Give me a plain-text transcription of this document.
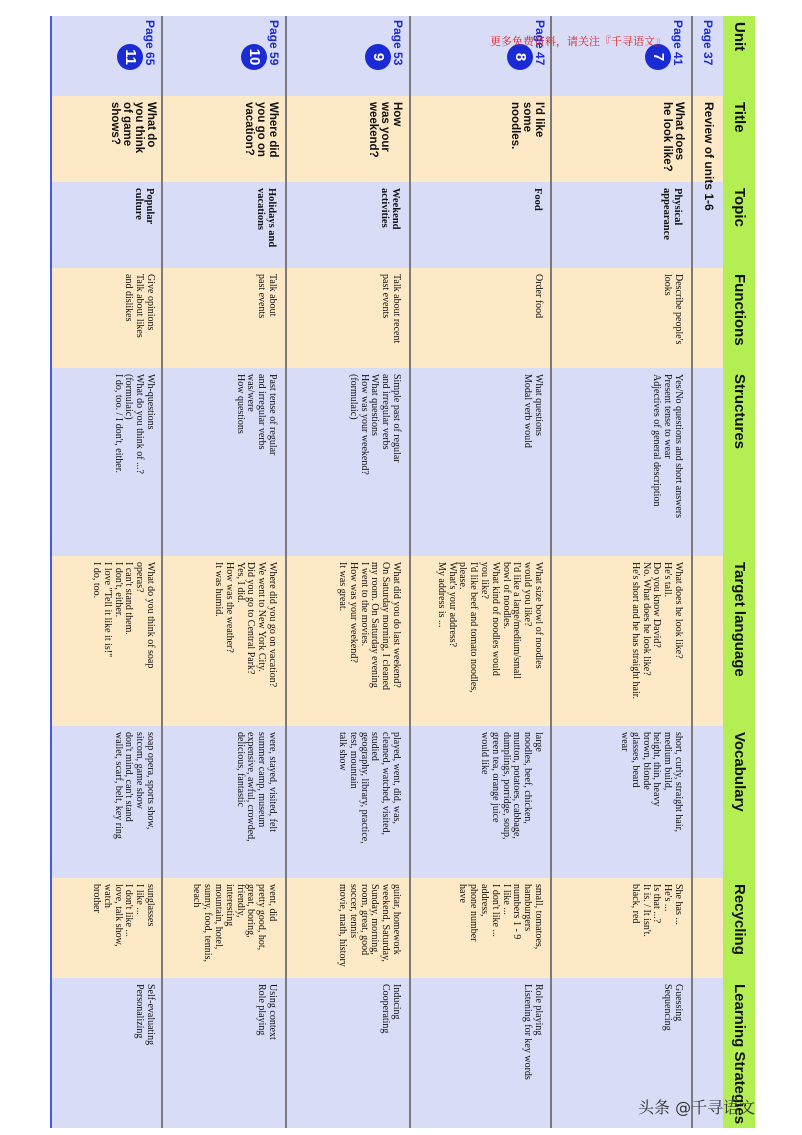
Unit
Title
Topic
Functions
Structures
Target language
Vocabulary
Recycling
Learning Strategies
Page 37
Review of units 1-6
Page 41
7
What does
he look like?
Physical
appearance
Describe people's
looks
Yes/No questions and short answers
Present tense to wear
Adjectives of general description
What does he look like?
He's tall.
Do you know David?
No. What does he look like?
He's short and he has straight hair.
short, curly, straight hair,
medium build,
height, thin, heavy
brown, blonde
glasses, beard
wear
She has ...
He's ...
Is that ...?
It is. / It isn't.
black, red
Guessing
Sequencing
Page 47
8
I'd like
some
noodles.
Food
Order food
What questions
Modal verb would
What size bowl of noodles
would you like?
I'd like a large/medium/small
bowl of noodles.
What kind of noodles would
you like?
I'd like beef and tomato noodles,
please.
What's your address?
My address is ...
large
noodles, beef, chicken,
mutton, potatoes, cabbage,
dumplings, porridge, soup,
green tea, orange juice
would like
small, tomatoes,
hamburgers
numbers 1 - 9
I like ...
I don't like ...
address,
phone number
have
Role playing
Listening for key words
Page 53
9
How
was your
weekend?
Weekend
activities
Talk about recent
past events
Simple past of regular
and irregular verbs
What questions
How was your weekend?
(formulaic)
What did you do last weekend?
On Saturday morning, I cleaned
my room. On Saturday evening
I went to the movies.
How was your weekend?
It was great.
played, went, did, was,
cleaned, watched, visited,
studied
geography, library, practice,
test, mountain
talk show
guitar, homework
weekend, Saturday,
Sunday, morning,
room, great, good
soccer, tennis
movie, math, history
Inducing
Cooperating
Page 59
10
Where did
you go on
vacation?
Holidays and
vacations
Talk about
past events
Past tense of regular
and irregular verbs
was/were
How questions
Where did you go on vacation?
We went to New York City.
Did you go to Central Park?
Yes, I did.
How was the weather?
It was humid.
were, stayed, visited, felt
summer camp, museum
expensive, awful, crowded,
delicious, fantastic
went, did
pretty good, hot,
great, boring,
friendly,
interesting
mountain, hotel,
sunny, food, tennis,
beach
Using context
Role playing
Page 65
11
What do
you think
of game
shows?
Popular
culture
Give opinions
Talk about likes
and dislikes
Wh-questions
What do you think of ...?
(formulaic)
I do, too. / I don't, either.
What do you think of soap
operas?
I can't stand them.
I don't, either.
I love "Tell it like it is!"
I do, too.
soap opera, sports show,
sitcom, game show
don't mind, can't stand
wallet, scarf, belt, key ring
sunglasses
I like ...
I don't like ...
love, talk show,
watch
brother
Self-evaluating
Personalizing
更多免费资料，请关注『千寻语文』
头条 @千寻语文
